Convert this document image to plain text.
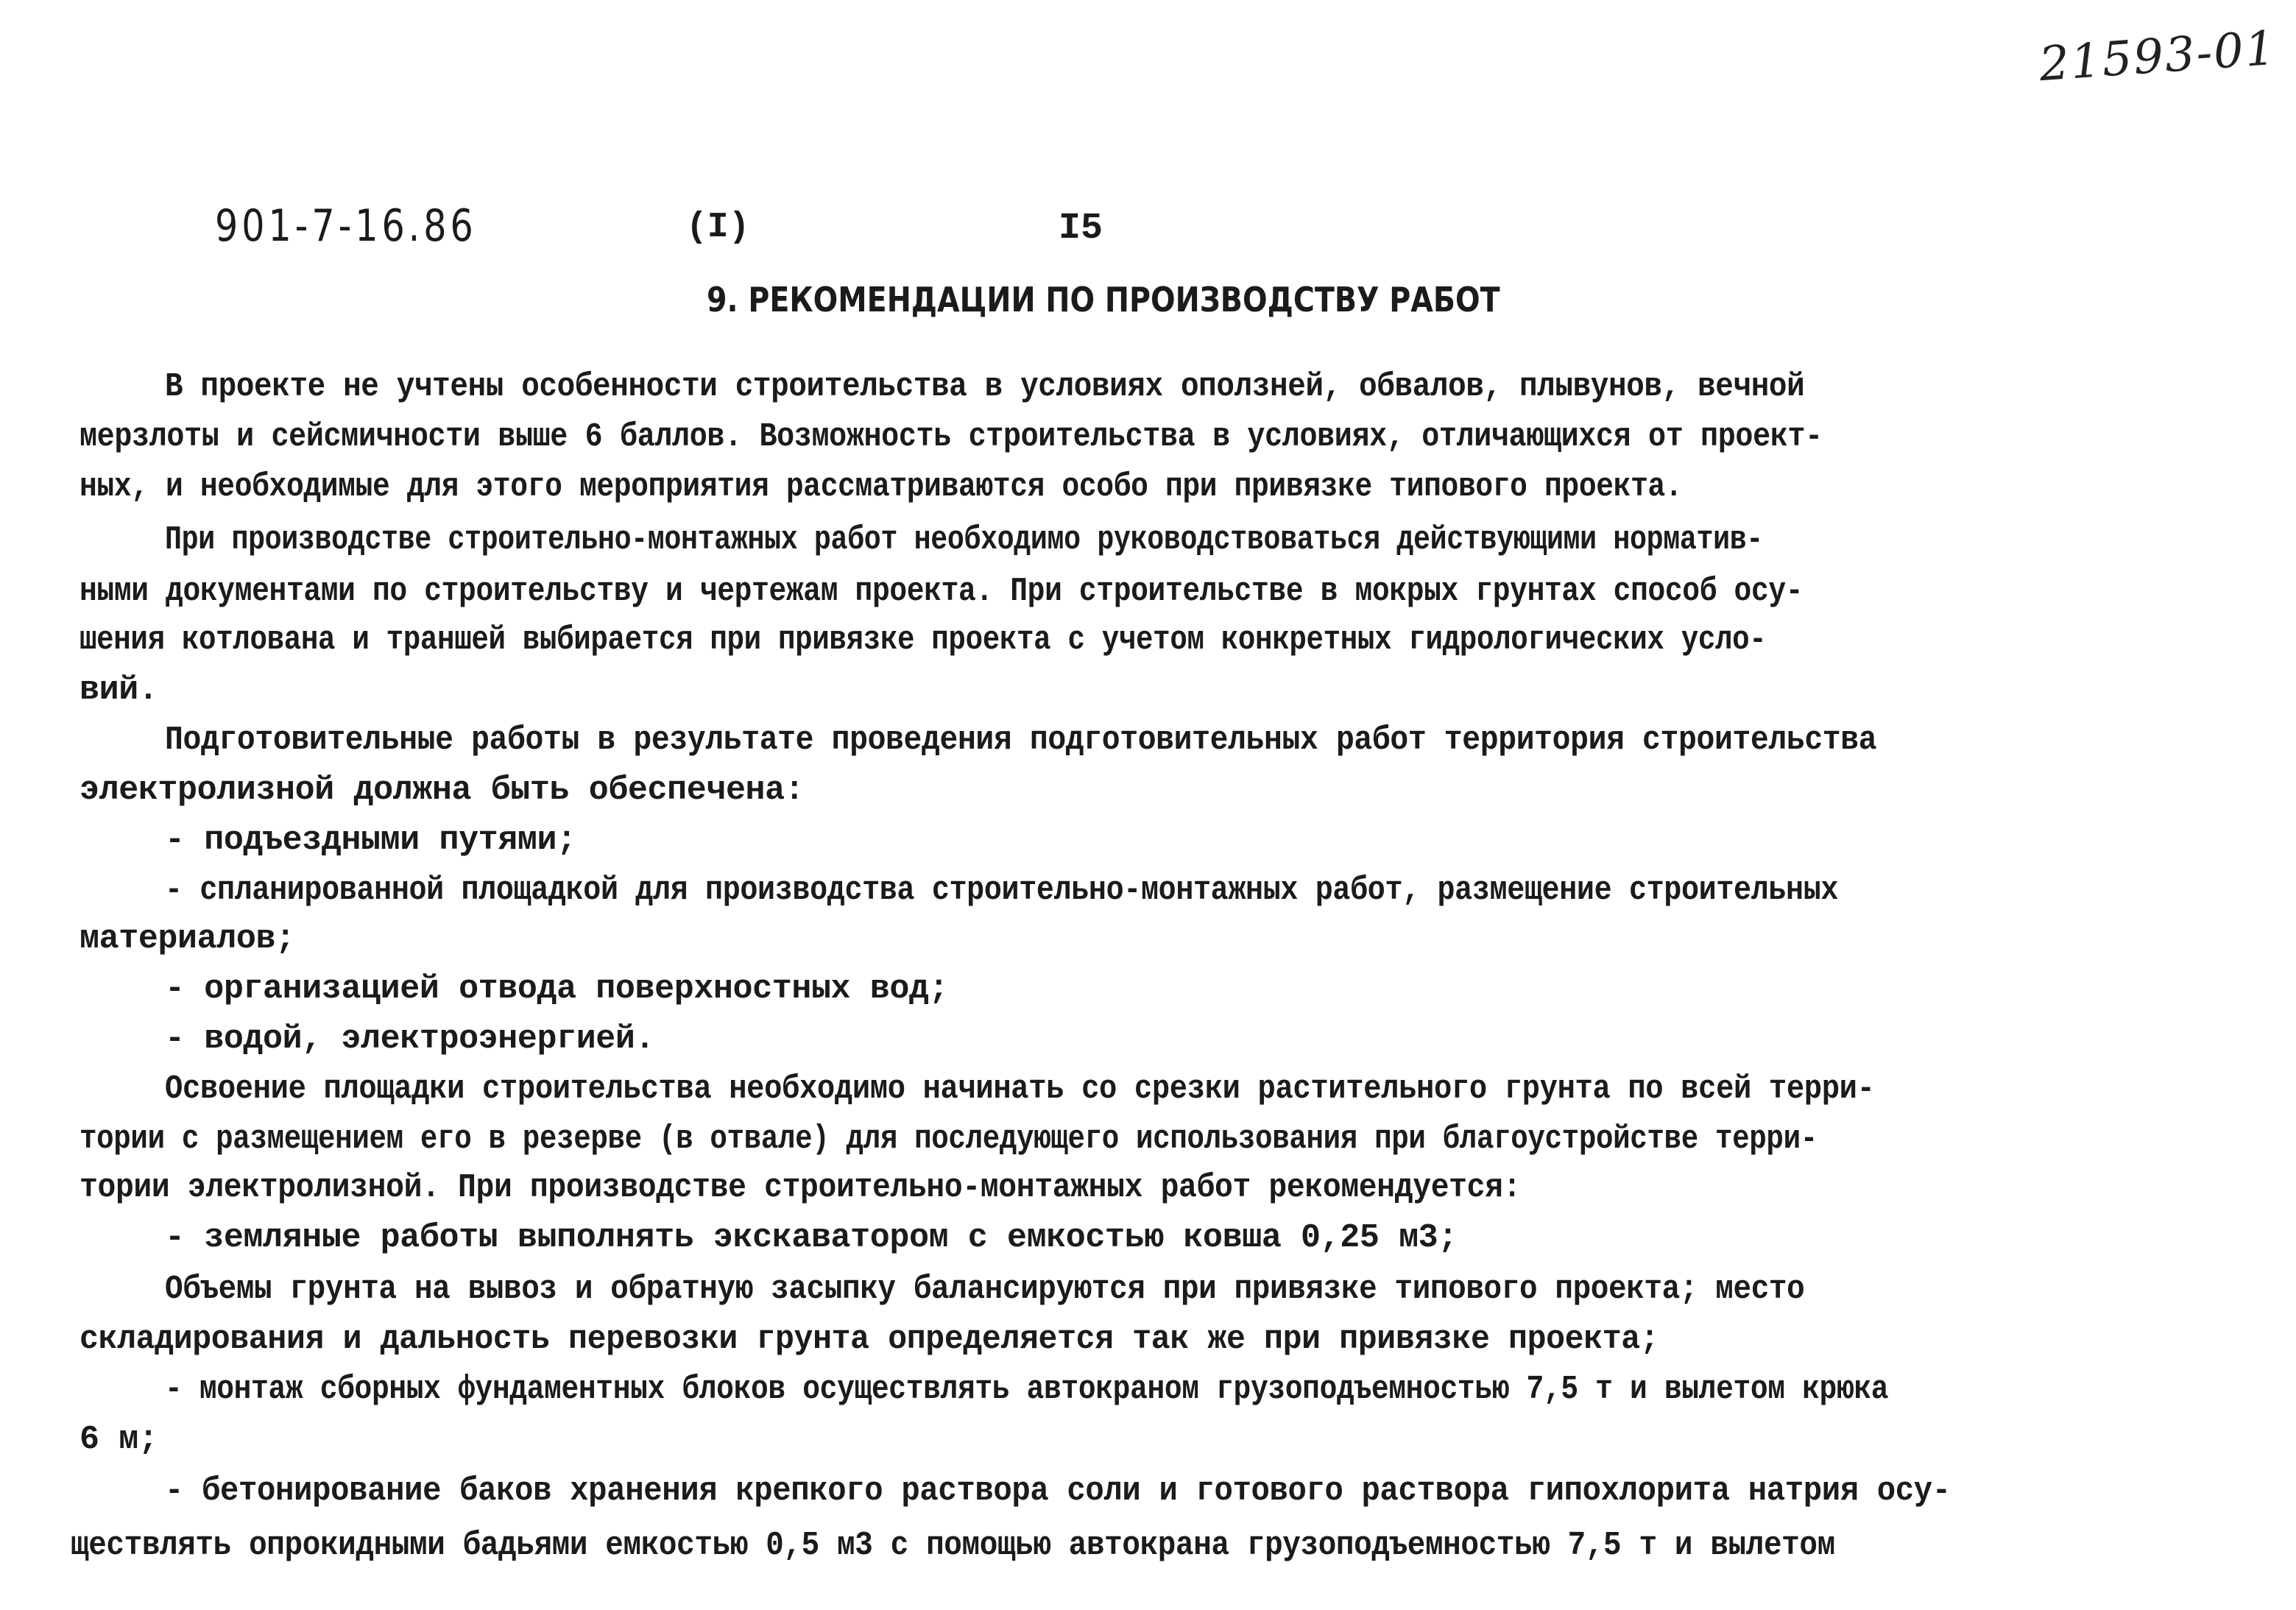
21593-01
901-7-16.86	(I)	I5
9. РЕКОМЕНДАЦИИ ПО ПРОИЗВОДСТВУ РАБОТ
В проекте не учтены особенности строительства в условиях оползней, обвалов, плывунов, вечной
мерзлоты и сейсмичности выше 6 баллов. Возможность строительства в условиях, отличающихся от проект-
ных, и необходимые для этого мероприятия рассматриваются особо при привязке типового проекта.
При производстве строительно-монтажных работ необходимо руководствоваться действующими норматив-
ными документами по строительству и чертежам проекта. При строительстве в мокрых грунтах способ осу-
шения котлована и траншей выбирается при привязке проекта с учетом конкретных гидрологических усло-
вий.
Подготовительные работы в результате проведения подготовительных работ территория строительства
электролизной должна быть обеспечена:
- подъездными путями;
- спланированной площадкой для производства строительно-монтажных работ, размещение строительных
материалов;
- организацией отвода поверхностных вод;
- водой, электроэнергией.
Освоение площадки строительства необходимо начинать со срезки растительного грунта по всей терри-
тории с размещением его в резерве (в отвале) для последующего использования при благоустройстве терри-
тории электролизной. При производстве строительно-монтажных работ рекомендуется:
- земляные работы выполнять экскаватором с емкостью ковша 0,25 м3;
Объемы грунта на вывоз и обратную засыпку балансируются при привязке типового проекта; место
складирования и дальность перевозки грунта определяется так же при привязке проекта;
- монтаж сборных фундаментных блоков осуществлять автокраном грузоподъемностью 7,5 т и вылетом крюка
6 м;
- бетонирование баков хранения крепкого раствора соли и готового раствора гипохлорита натрия осу-
ществлять опрокидными бадьями емкостью 0,5 м3 с помощью автокрана грузоподъемностью 7,5 т и вылетом
